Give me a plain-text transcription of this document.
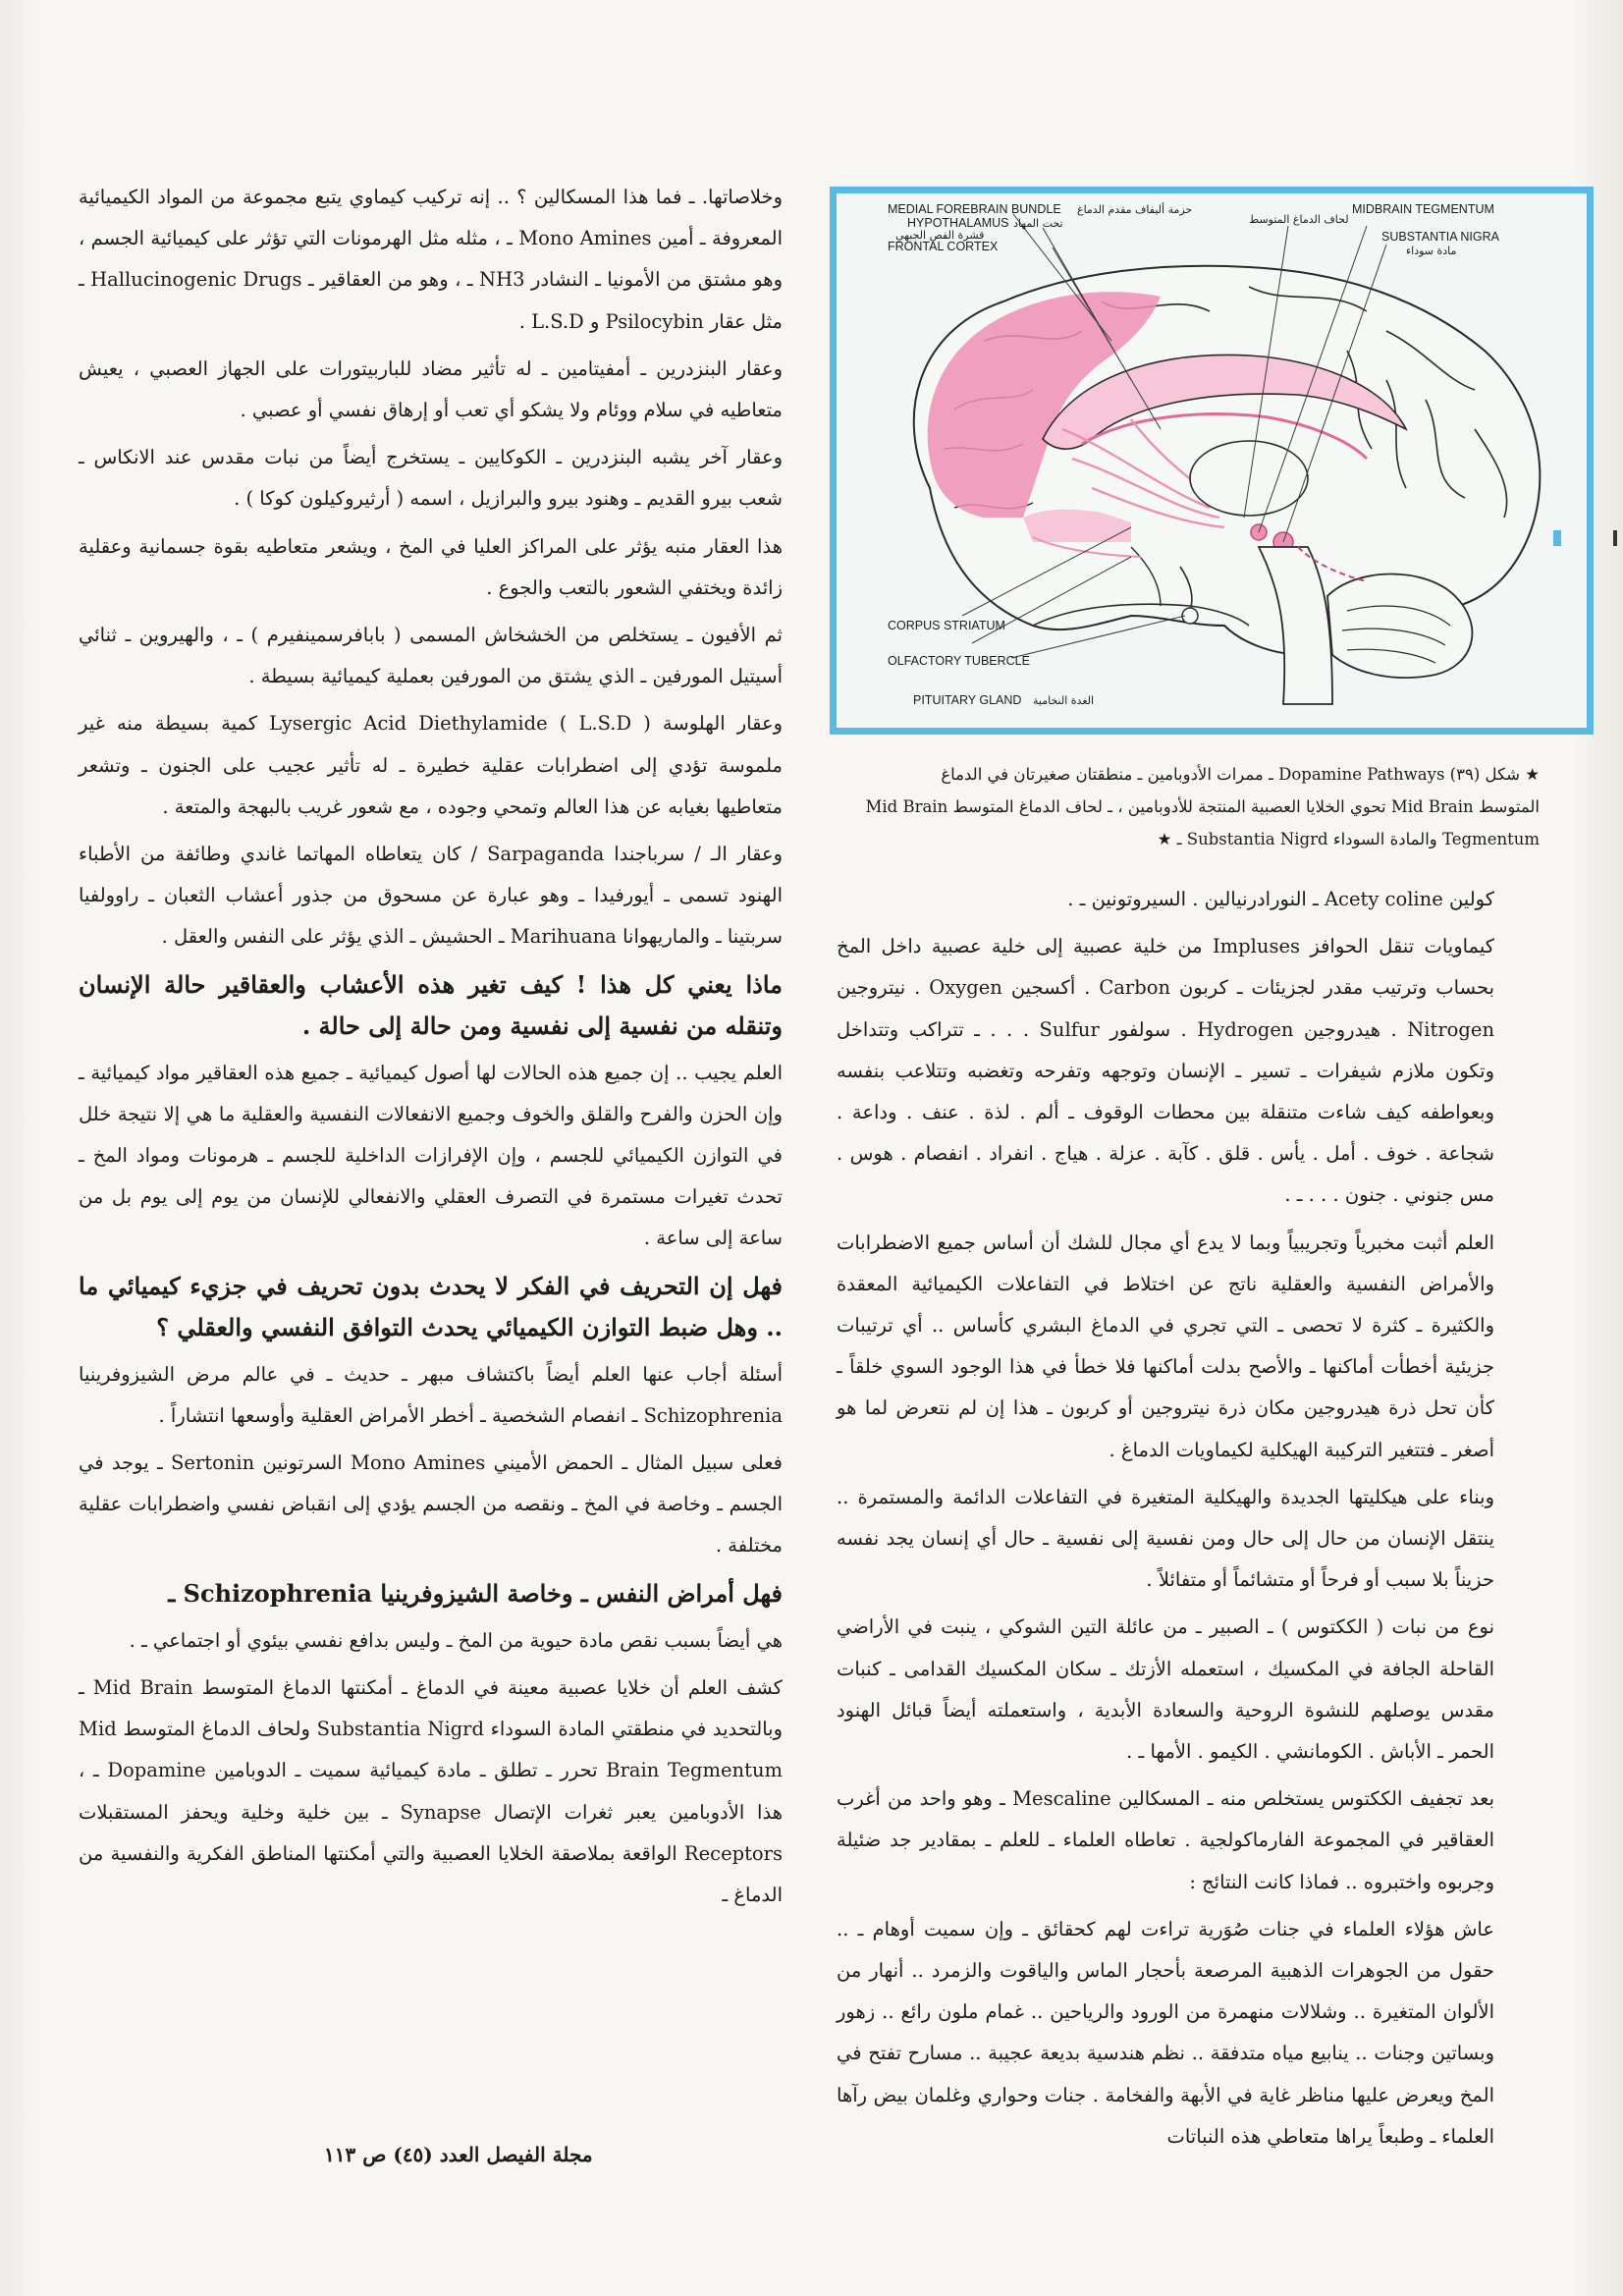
MEDIAL FOREBRAIN BUNDLE حزمة أليفاف مقدم الدماغ
HYPOTHALAMUS تحت المهاد
قشرة الفص الجبهي
FRONTAL CORTEX
MIDBRAIN TEGMENTUM
لحاف الدماغ المتوسط
SUBSTANTIA NIGRA
مادة سوداء
CORPUS STRIATUM
OLFACTORY TUBERCLE
PITUITARY GLAND الغدة النخامية

★ شكل (٣٩) Dopamine Pathways ـ ممرات الأدوبامين ـ منطقتان صغيرتان في الدماغ

المتوسط Mid Brain تحوي الخلايا العصبية المنتجة للأدوبامين ، ـ لحاف الدماغ المتوسط Mid Brain

Tegmentum والمادة السوداء Substantia Nigrd ـ ★

وخلاصاتها. ـ فما هذا المسكالين ؟ .. إنه تركيب كيماوي يتبع مجموعة من المواد الكيميائية المعروفة ـ أمين Mono Amines ـ ، مثله مثل الهرمونات التي تؤثر على كيميائية الجسم ، وهو مشتق من الأمونيا ـ النشادر NH3 ـ ، وهو من العقاقير ـ Hallucinogenic Drugs ـ مثل عقار Psilocybin و L.S.D .

وعقار البنزدرين ـ أمفيتامين ـ له تأثير مضاد للباربيتورات على الجهاز العصبي ، يعيش متعاطيه في سلام ووئام ولا يشكو أي تعب أو إرهاق نفسي أو عصبي .

وعقار آخر يشبه البنزدرين ـ الكوكايين ـ يستخرج أيضاً من نبات مقدس عند الانكاس ـ شعب بيرو القديم ـ وهنود بيرو والبرازيل ، اسمه ( أرثيروكيلون كوكا ) .

هذا العقار منبه يؤثر على المراكز العليا في المخ ، ويشعر متعاطيه بقوة جسمانية وعقلية زائدة ويختفي الشعور بالتعب والجوع .

ثم الأفيون ـ يستخلص من الخشخاش المسمى ( بابافرسمينفيرم ) ـ ، والهيروين ـ ثنائي أسيتيل المورفين ـ الذي يشتق من المورفين بعملية كيميائية بسيطة .

وعقار الهلوسة Lysergic Acid Diethylamide ( L.S.D ) كمية بسيطة منه غير ملموسة تؤدي إلى اضطرابات عقلية خطيرة ـ له تأثير عجيب على الجنون ـ وتشعر متعاطيها بغيابه عن هذا العالم وتمحي وجوده ، مع شعور غريب بالبهجة والمتعة .

وعقار الـ / سرباجندا Sarpaganda / كان يتعاطاه المهاتما غاندي وطائفة من الأطباء الهنود تسمى ـ أيورفيدا ـ وهو عبارة عن مسحوق من جذور أعشاب الثعبان ـ راوولفيا سربتينا ـ والماريهوانا Marihuana ـ الحشيش ـ الذي يؤثر على النفس والعقل .

ماذا يعني كل هذا ! كيف تغير هذه الأعشاب والعقاقير حالة الإنسان وتنقله من نفسية إلى نفسية ومن حالة إلى حالة .

العلم يجيب .. إن جميع هذه الحالات لها أصول كيميائية ـ جميع هذه العقاقير مواد كيميائية ـ وإن الحزن والفرح والقلق والخوف وجميع الانفعالات النفسية والعقلية ما هي إلا نتيجة خلل في التوازن الكيميائي للجسم ، وإن الإفرازات الداخلية للجسم ـ هرمونات ومواد المخ ـ تحدث تغيرات مستمرة في التصرف العقلي والانفعالي للإنسان من يوم إلى يوم بل من ساعة إلى ساعة .

فهل إن التحريف في الفكر لا يحدث بدون تحريف في جزيء كيميائي ما .. وهل ضبط التوازن الكيميائي يحدث التوافق النفسي والعقلي ؟

أسئلة أجاب عنها العلم أيضاً باكتشاف مبهر ـ حديث ـ في عالم مرض الشيزوفرينيا Schizophrenia ـ انفصام الشخصية ـ أخطر الأمراض العقلية وأوسعها انتشاراً .

فعلى سبيل المثال ـ الحمض الأميني Mono Amines السرتونين Sertonin ـ يوجد في الجسم ـ وخاصة في المخ ـ ونقصه من الجسم يؤدي إلى انقباض نفسي واضطرابات عقلية مختلفة .

فهل أمراض النفس ـ وخاصة الشيزوفرينيا Schizophrenia ـ

هي أيضاً بسبب نقص مادة حيوية من المخ ـ وليس بدافع نفسي بيئوي أو اجتماعي ـ .

كشف العلم أن خلايا عصبية معينة في الدماغ ـ أمكنتها الدماغ المتوسط Mid Brain ـ وبالتحديد في منطقتي المادة السوداء Substantia Nigrd ولحاف الدماغ المتوسط Mid Brain Tegmentum تحرر ـ تطلق ـ مادة كيميائية سميت ـ الدوبامين Dopamine ـ ، هذا الأدوبامين يعبر ثغرات الإتصال Synapse ـ بين خلية وخلية ويحفز المستقبلات Receptors الواقعة بملاصقة الخلايا العصبية والتي أمكنتها المناطق الفكرية والنفسية من الدماغ ـ

كولين Acety coline ـ النورادرنيالين . السيروتونين ـ .

كيماويات تنقل الحوافز Impluses من خلية عصبية إلى خلية عصبية داخل المخ بحساب وترتيب مقدر لجزيئات ـ كربون Carbon . أكسجين Oxygen . نيتروجين Nitrogen . هيدروجين Hydrogen . سولفور Sulfur . . . ـ تتراكب وتتداخل وتكون ملازم شيفرات ـ تسير ـ الإنسان وتوجهه وتفرحه وتغضبه وتتلاعب بنفسه وبعواطفه كيف شاءت متنقلة بين محطات الوقوف ـ ألم . لذة . عنف . وداعة . شجاعة . خوف . أمل . يأس . قلق . كآبة . عزلة . هياج . انفراد . انفصام . هوس . مس جنوني . جنون . . . ـ .

العلم أثبت مخبرياً وتجريبياً وبما لا يدع أي مجال للشك أن أساس جميع الاضطرابات والأمراض النفسية والعقلية ناتج عن اختلاط في التفاعلات الكيميائية المعقدة والكثيرة ـ كثرة لا تحصى ـ التي تجري في الدماغ البشري كأساس .. أي ترتيبات جزيئية أخطأت أماكنها ـ والأصح بدلت أماكنها فلا خطأ في هذا الوجود السوي خلقاً ـ كأن تحل ذرة هيدروجين مكان ذرة نيتروجين أو كربون ـ هذا إن لم نتعرض لما هو أصغر ـ فتتغير التركيبة الهيكلية لكيماويات الدماغ .

وبناء على هيكليتها الجديدة والهيكلية المتغيرة في التفاعلات الدائمة والمستمرة .. ينتقل الإنسان من حال إلى حال ومن نفسية إلى نفسية ـ حال أي إنسان يجد نفسه حزيناً بلا سبب أو فرحاً أو متشائماً أو متفائلاً .

نوع من نبات ( الككتوس ) ـ الصبير ـ من عائلة التين الشوكي ، ينبت في الأراضي القاحلة الجافة في المكسيك ، استعمله الأزتك ـ سكان المكسيك القدامى ـ كنبات مقدس يوصلهم للنشوة الروحية والسعادة الأبدية ، واستعملته أيضاً قبائل الهنود الحمر ـ الأباش . الكومانشي . الكيمو . الأمها ـ .

بعد تجفيف الككتوس يستخلص منه ـ المسكالين Mescaline ـ وهو واحد من أغرب العقاقير في المجموعة الفارماكولجية . تعاطاه العلماء ـ للعلم ـ بمقادير جد ضئيلة وجربوه واختبروه .. فماذا كانت النتائج :

عاش هؤلاء العلماء في جنات صُوَرية تراءت لهم كحقائق ـ وإن سميت أوهام ـ .. حقول من الجوهرات الذهبية المرصعة بأحجار الماس والياقوت والزمرد .. أنهار من الألوان المتغيرة .. وشلالات منهمرة من الورود والرياحين .. غمام ملون رائع .. زهور وبساتين وجنات .. ينابيع مياه متدفقة .. نظم هندسية بديعة عجيبة .. مسارح تفتح في المخ ويعرض عليها مناظر غاية في الأبهة والفخامة . جنات وحواري وغلمان بيض رآها العلماء ـ وطبعاً يراها متعاطي هذه النباتات

مجلة الفيصل العدد (٤٥) ص ١١٣
